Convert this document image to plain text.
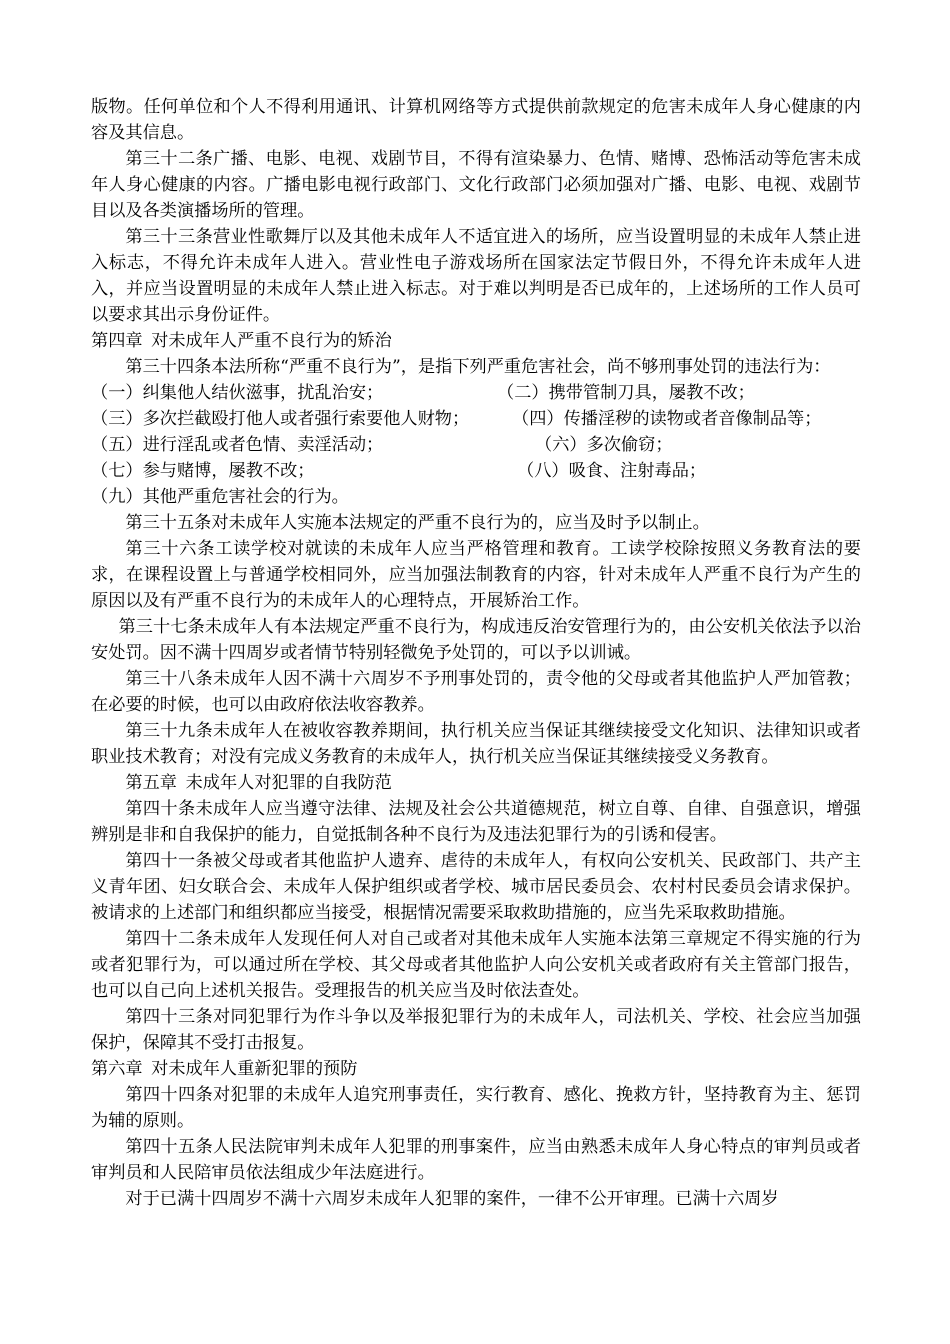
版物。任何单位和个人不得利用通讯、计算机网络等方式提供前款规定的危害未成年人身心健康的内容及其信息。

第三十二条广播、电影、电视、戏剧节目，不得有渲染暴力、色情、赌博、恐怖活动等危害未成年人身心健康的内容。广播电影电视行政部门、文化行政部门必须加强对广播、电影、电视、戏剧节目以及各类演播场所的管理。

第三十三条营业性歌舞厅以及其他未成年人不适宜进入的场所，应当设置明显的未成年人禁止进入标志，不得允许未成年人进入。营业性电子游戏场所在国家法定节假日外，不得允许未成年人进入，并应当设置明显的未成年人禁止进入标志。对于难以判明是否已成年的，上述场所的工作人员可以要求其出示身份证件。

第四章 对未成年人严重不良行为的矫治

第三十四条本法所称“严重不良行为”，是指下列严重危害社会，尚不够刑事处罚的违法行为：

（一）纠集他人结伙滋事，扰乱治安；	（二）携带管制刀具，屡教不改；
（三）多次拦截殴打他人或者强行索要他人财物； （四）传播淫秽的读物或者音像制品等；
（五）进行淫乱或者色情、卖淫活动；	（六）多次偷窃；
（七）参与赌博，屡教不改；	（八）吸食、注射毒品；

（九）其他严重危害社会的行为。

第三十五条对未成年人实施本法规定的严重不良行为的，应当及时予以制止。

第三十六条工读学校对就读的未成年人应当严格管理和教育。工读学校除按照义务教育法的要求，在课程设置上与普通学校相同外，应当加强法制教育的内容，针对未成年人严重不良行为产生的原因以及有严重不良行为的未成年人的心理特点，开展矫治工作。

第三十七条未成年人有本法规定严重不良行为，构成违反治安管理行为的，由公安机关依法予以治安处罚。因不满十四周岁或者情节特别轻微免予处罚的，可以予以训诫。

第三十八条未成年人因不满十六周岁不予刑事处罚的，责令他的父母或者其他监护人严加管教；在必要的时候，也可以由政府依法收容教养。

第三十九条未成年人在被收容教养期间，执行机关应当保证其继续接受文化知识、法律知识或者职业技术教育；对没有完成义务教育的未成年人，执行机关应当保证其继续接受义务教育。

第五章 未成年人对犯罪的自我防范

第四十条未成年人应当遵守法律、法规及社会公共道德规范，树立自尊、自律、自强意识，增强辨别是非和自我保护的能力，自觉抵制各种不良行为及违法犯罪行为的引诱和侵害。

第四十一条被父母或者其他监护人遗弃、虐待的未成年人，有权向公安机关、民政部门、共产主义青年团、妇女联合会、未成年人保护组织或者学校、城市居民委员会、农村村民委员会请求保护。被请求的上述部门和组织都应当接受，根据情况需要采取救助措施的，应当先采取救助措施。

第四十二条未成年人发现任何人对自己或者对其他未成年人实施本法第三章规定不得实施的行为或者犯罪行为，可以通过所在学校、其父母或者其他监护人向公安机关或者政府有关主管部门报告，也可以自己向上述机关报告。受理报告的机关应当及时依法查处。

第四十三条对同犯罪行为作斗争以及举报犯罪行为的未成年人，司法机关、学校、社会应当加强保护，保障其不受打击报复。

第六章 对未成年人重新犯罪的预防

第四十四条对犯罪的未成年人追究刑事责任，实行教育、感化、挽救方针，坚持教育为主、惩罚为辅的原则。

第四十五条人民法院审判未成年人犯罪的刑事案件，应当由熟悉未成年人身心特点的审判员或者审判员和人民陪审员依法组成少年法庭进行。

对于已满十四周岁不满十六周岁未成年人犯罪的案件，一律不公开审理。已满十六周岁
